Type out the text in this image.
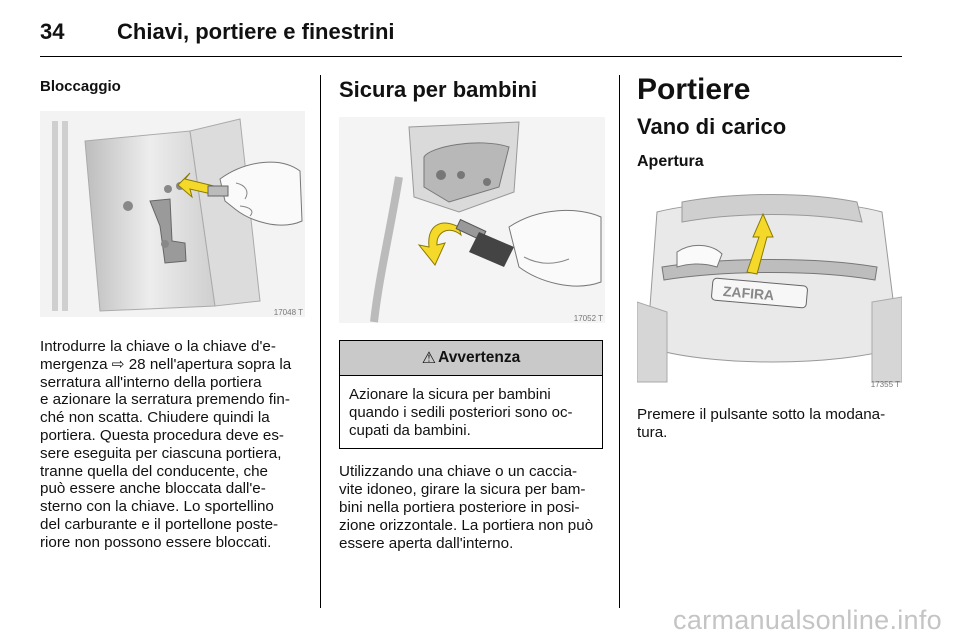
34 Chiavi, portiere e finestrini
Bloccaggio
17048 T

Introdurre la chiave o la chiave d'e-
mergenza ⇨ 28 nell'apertura sopra la
serratura all'interno della portiera
e azionare la serratura premendo fin-
ché non scatta. Chiudere quindi la
portiera. Questa procedura deve es-
sere eseguita per ciascuna portiera,
tranne quella del conducente, che
può essere anche bloccata dall'e-
sterno con la chiave. Lo sportellino
del carburante e il portellone poste-
riore non possono essere bloccati.

Sicura per bambini
17052 T
⚠ Avvertenza

Azionare la sicura per bambini
quando i sedili posteriori sono oc-
cupati da bambini.

Utilizzando una chiave o un caccia-
vite idoneo, girare la sicura per bam-
bini nella portiera posteriore in posi-
zione orizzontale. La portiera non può
essere aperta dall'interno.

Portiere
Vano di carico
Apertura
ZAFIRA
17355 T

Premere il pulsante sotto la modana-
tura.

carmanualsonline.info
